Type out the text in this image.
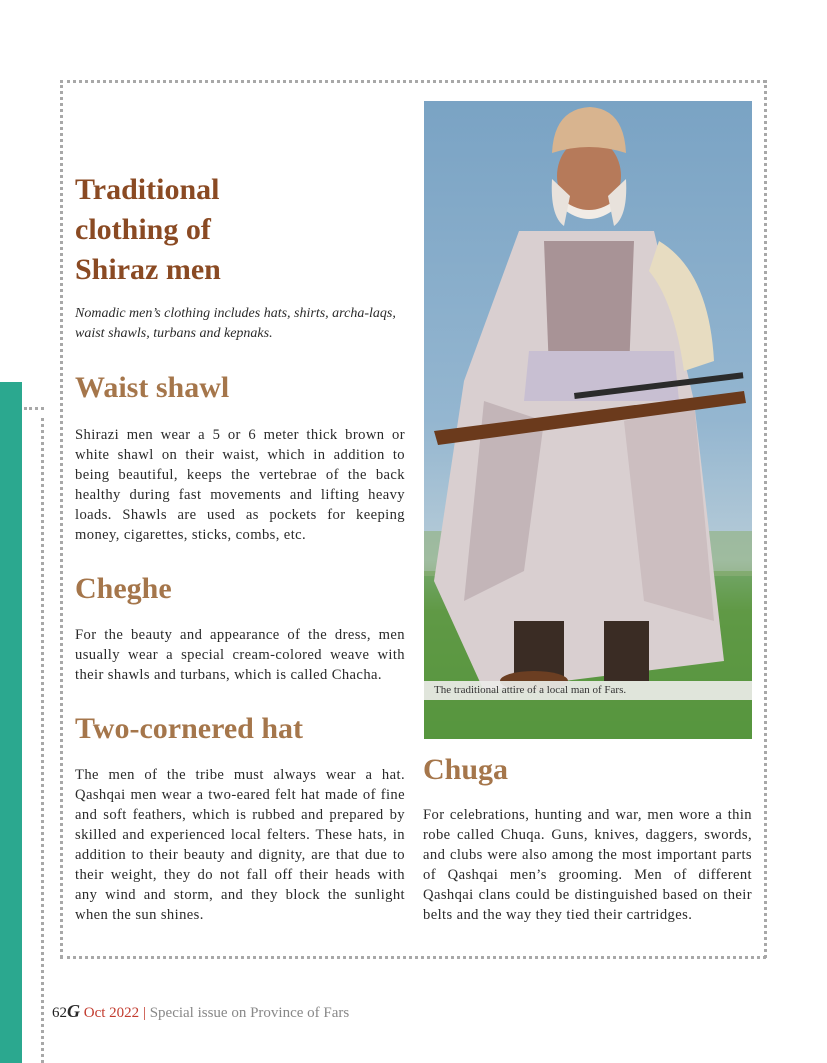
Traditional
clothing of
Shiraz men

Nomadic men’s clothing includes hats, shirts, archa-laqs, waist shawls, turbans and kepnaks.

Waist shawl

Shirazi men wear a 5 or 6 meter thick brown or white shawl on their waist, which in addition to being beautiful, keeps the vertebrae of the back healthy during fast movements and lifting heavy loads. Shawls are used as pockets for keeping money, cigarettes, sticks, combs, etc.

Cheghe

For the beauty and appearance of the dress, men usually wear a special cream-colored weave with their shawls and turbans, which is called Chacha.

Two-cornered hat

The men of the tribe must always wear a hat. Qashqai men wear a two-eared felt hat made of fine and soft feathers, which is rubbed and prepared by skilled and experienced local felters. These hats, in addition to their beauty and dignity, are that due to their weight, they do not fall off their heads with any wind and storm, and they block the sunlight when the sun shines.

The traditional attire of a local man of Fars.
Chuga

For celebrations, hunting and war, men wore a thin robe called Chuqa. Guns, knives, daggers, swords, and clubs were also among the most important parts of Qashqai men’s grooming. Men of different Qashqai clans could be distinguished based on their belts and the way they tied their cartridges.

62G Oct 2022 | Special issue on Province of Fars
